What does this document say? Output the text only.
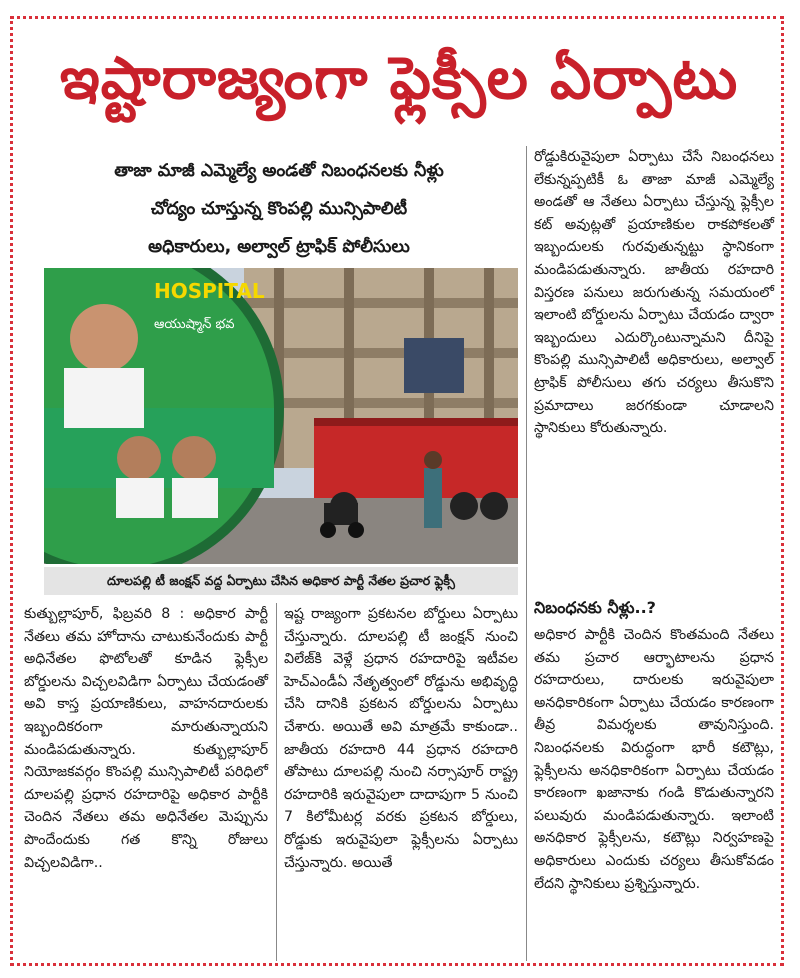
ఇష్టారాజ్యంగా ఫ్లెక్సీల ఏర్పాటు
తాజా మాజీ ఎమ్మెల్యే అండతో నిబంధనలకు నీళ్లు
చోద్యం చూస్తున్న కొంపల్లి మున్సిపాలిటీ
అధికారులు, అల్వాల్ ట్రాఫిక్ పోలీసులు
HOSPITAL
ఆయుష్మాన్ భవ
దూలపల్లి టీ జంక్షన్ వద్ద ఏర్పాటు చేసిన అధికార పార్టీ నేతల ప్రచార ఫ్లెక్సీ
కుత్బుల్లాపూర్, ఫిబ్రవరి 8 : అధికార పార్టీ నేతలు తమ హోదాను చాటుకునేందుకు పార్టీ అధినేతల ఫొటోలతో కూడిన ఫ్లెక్సీల బోర్డులను విచ్చలవిడిగా ఏర్పాటు చేయడంతో అవి కాస్త ప్రయాణికులు, వాహనదారులకు ఇబ్బందికరంగా మారుతున్నాయని మండిపడుతున్నారు. కుత్బుల్లాపూర్ నియోజకవర్గం కొంపల్లి మున్సిపాలిటీ పరిధిలో దూలపల్లి ప్రధాన రహదారిపై అధికార పార్టీకి చెందిన నేతలు తమ అధినేతల మెప్పును పొందేందుకు గత కొన్ని రోజులు విచ్చలవిడిగా..
ఇష్ట రాజ్యంగా ప్రకటనల బోర్డులు ఏర్పాటు చేస్తున్నారు. దూలపల్లి టీ జంక్షన్ నుంచి విలేజ్‌కి వెళ్లే ప్రధాన రహదారిపై ఇటీవల హెచ్ఎండీఏ నేతృత్వంలో రోడ్డును అభివృద్ధి చేసి దానికి ప్రకటన బోర్డులను ఏర్పాటు చేశారు. అయితే అవి మాత్రమే కాకుండా.. జాతీయ రహదారి 44 ప్రధాన రహదారి తోపాటు దూలపల్లి నుంచి నర్సాపూర్ రాష్ట్ర రహదారికి ఇరువైపులా దాదాపుగా 5 నుంచి 7 కిలోమీటర్ల వరకు ప్రకటన బోర్డులు, రోడ్డుకు ఇరువైపులా ఫ్లెక్సీలను ఏర్పాటు చేస్తున్నారు. అయితే
రోడ్డుకిరువైపులా ఏర్పాటు చేసే నిబంధనలు లేకున్నప్పటికీ ఓ తాజా మాజీ ఎమ్మెల్యే అండతో ఆ నేతలు ఏర్పాటు చేస్తున్న ఫ్లెక్సీల కట్ అవుట్లతో ప్రయాణికుల రాకపోకలతో ఇబ్బందులకు గురవుతున్నట్టు స్థానికంగా మండిపడుతున్నారు. జాతీయ రహదారి విస్తరణ పనులు జరుగుతున్న సమయంలో ఇలాంటి బోర్డులను ఏర్పాటు చేయడం ద్వారా ఇబ్బందులు ఎదుర్కొంటున్నామని దీనిపై కొంపల్లి మున్సిపాలిటీ అధికారులు, అల్వాల్ ట్రాఫిక్ పోలీసులు తగు చర్యలు తీసుకొని ప్రమాదాలు జరగకుండా చూడాలని స్థానికులు కోరుతున్నారు.
నిబంధనకు నీళ్లు..?
అధికార పార్టీకి చెందిన కొంతమంది నేతలు తమ ప్రచార ఆర్భాటాలను ప్రధాన రహదారులు, దారులకు ఇరువైపులా అనధికారికంగా ఏర్పాటు చేయడం కారణంగా తీవ్ర విమర్శలకు తావునిస్తుంది. నిబంధనలకు విరుద్ధంగా భారీ కటౌట్లు, ఫ్లెక్సీలను అనధికారికంగా ఏర్పాటు చేయడం కారణంగా ఖజానాకు గండి కొడుతున్నారని పలువురు మండిపడుతున్నారు. ఇలాంటి అనధికార ఫ్లెక్సీలను, కటౌట్లు నిర్వహణపై అధికారులు ఎందుకు చర్యలు తీసుకోవడం లేదని స్థానికులు ప్రశ్నిస్తున్నారు.
